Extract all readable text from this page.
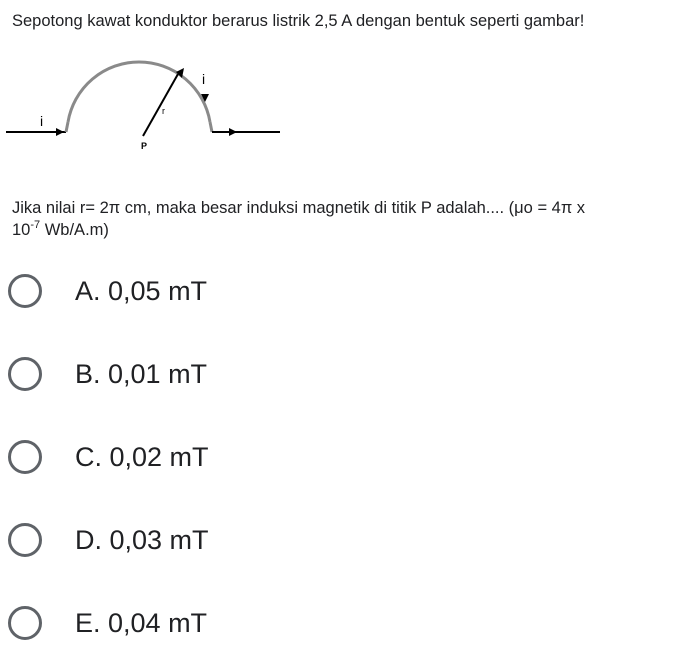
Sepotong kawat konduktor berarus listrik 2,5 A dengan bentuk seperti gambar!
i
i
r
P
Jika nilai r= 2π cm, maka besar induksi magnetik di titik P adalah.... (μo = 4π x
$10^{-7}$ Wb/A.m)
A. 0,05 mT
B. 0,01 mT
C. 0,02 mT
D. 0,03 mT
E. 0,04 mT
